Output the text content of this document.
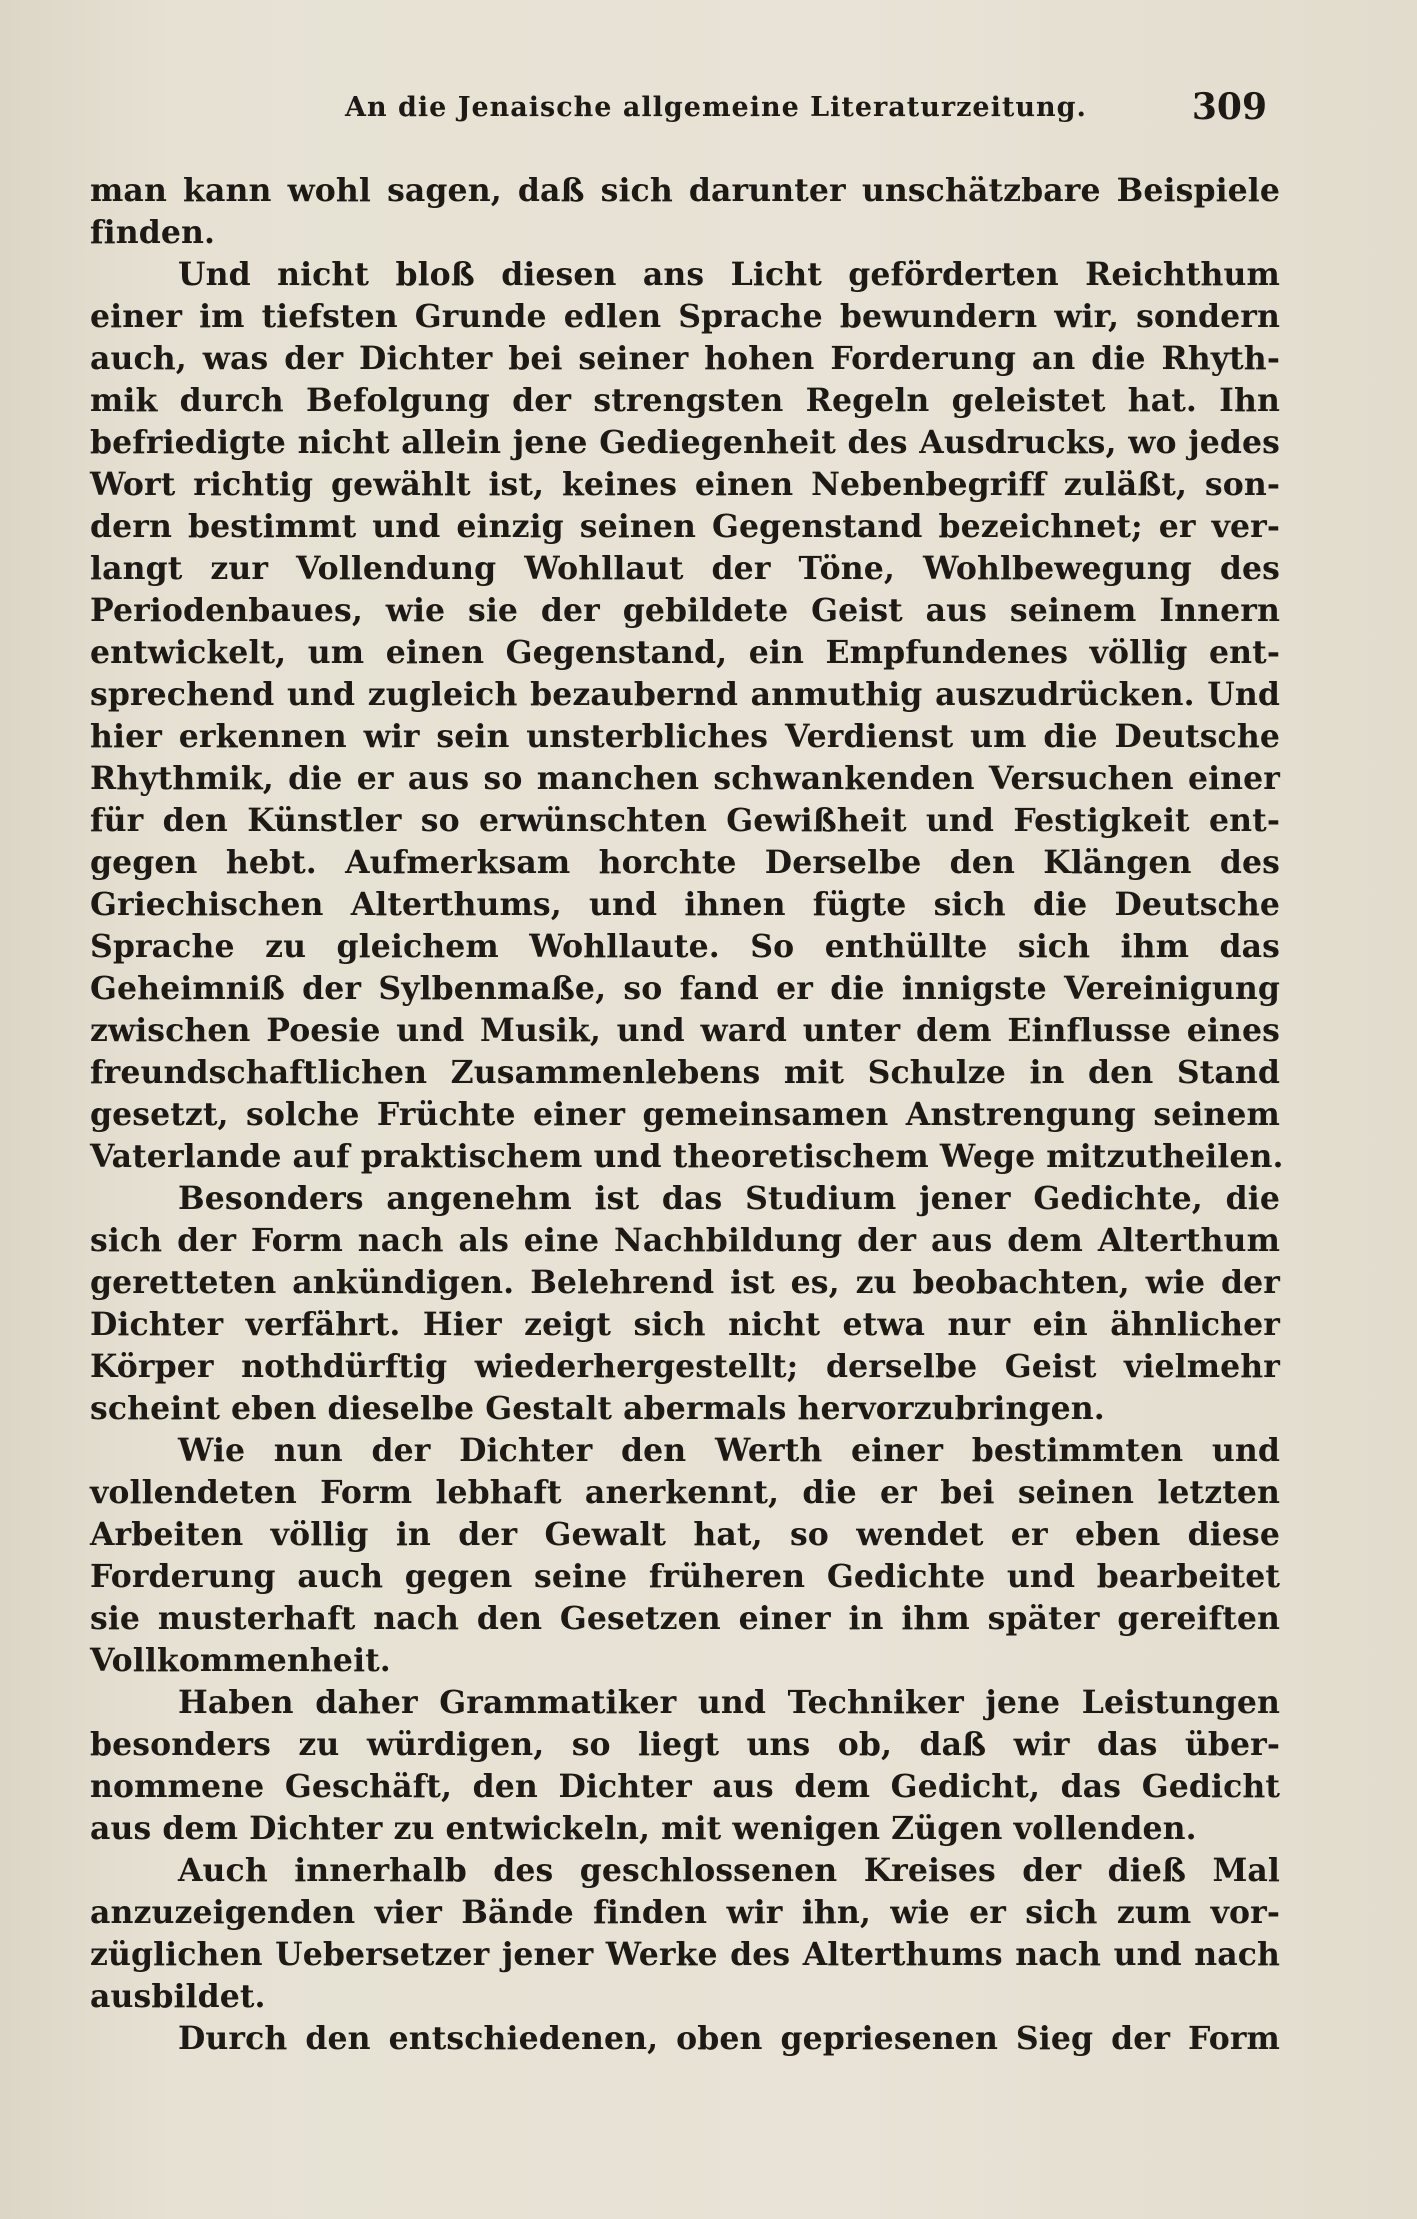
An die Jenaische allgemeine Literaturzeitung.	309
man kann wohl sagen, daß sich darunter unschätzbare Beispiele
finden.
Und nicht bloß diesen ans Licht geförderten Reichthum
einer im tiefsten Grunde edlen Sprache bewundern wir, sondern
auch, was der Dichter bei seiner hohen Forderung an die Rhyth-
mik durch Befolgung der strengsten Regeln geleistet hat. Ihn
befriedigte nicht allein jene Gediegenheit des Ausdrucks, wo jedes
Wort richtig gewählt ist, keines einen Nebenbegriff zuläßt, son-
dern bestimmt und einzig seinen Gegenstand bezeichnet; er ver-
langt zur Vollendung Wohllaut der Töne, Wohlbewegung des
Periodenbaues, wie sie der gebildete Geist aus seinem Innern
entwickelt, um einen Gegenstand, ein Empfundenes völlig ent-
sprechend und zugleich bezaubernd anmuthig auszudrücken. Und
hier erkennen wir sein unsterbliches Verdienst um die Deutsche
Rhythmik, die er aus so manchen schwankenden Versuchen einer
für den Künstler so erwünschten Gewißheit und Festigkeit ent-
gegen hebt. Aufmerksam horchte Derselbe den Klängen des
Griechischen Alterthums, und ihnen fügte sich die Deutsche
Sprache zu gleichem Wohllaute. So enthüllte sich ihm das
Geheimniß der Sylbenmaße, so fand er die innigste Vereinigung
zwischen Poesie und Musik, und ward unter dem Einflusse eines
freundschaftlichen Zusammenlebens mit Schulze in den Stand
gesetzt, solche Früchte einer gemeinsamen Anstrengung seinem
Vaterlande auf praktischem und theoretischem Wege mitzutheilen.
Besonders angenehm ist das Studium jener Gedichte, die
sich der Form nach als eine Nachbildung der aus dem Alterthum
geretteten ankündigen. Belehrend ist es, zu beobachten, wie der
Dichter verfährt. Hier zeigt sich nicht etwa nur ein ähnlicher
Körper nothdürftig wiederhergestellt; derselbe Geist vielmehr
scheint eben dieselbe Gestalt abermals hervorzubringen.
Wie nun der Dichter den Werth einer bestimmten und
vollendeten Form lebhaft anerkennt, die er bei seinen letzten
Arbeiten völlig in der Gewalt hat, so wendet er eben diese
Forderung auch gegen seine früheren Gedichte und bearbeitet
sie musterhaft nach den Gesetzen einer in ihm später gereiften
Vollkommenheit.
Haben daher Grammatiker und Techniker jene Leistungen
besonders zu würdigen, so liegt uns ob, daß wir das über-
nommene Geschäft, den Dichter aus dem Gedicht, das Gedicht
aus dem Dichter zu entwickeln, mit wenigen Zügen vollenden.
Auch innerhalb des geschlossenen Kreises der dieß Mal
anzuzeigenden vier Bände finden wir ihn, wie er sich zum vor-
züglichen Uebersetzer jener Werke des Alterthums nach und nach
ausbildet.
Durch den entschiedenen, oben gepriesenen Sieg der Form
